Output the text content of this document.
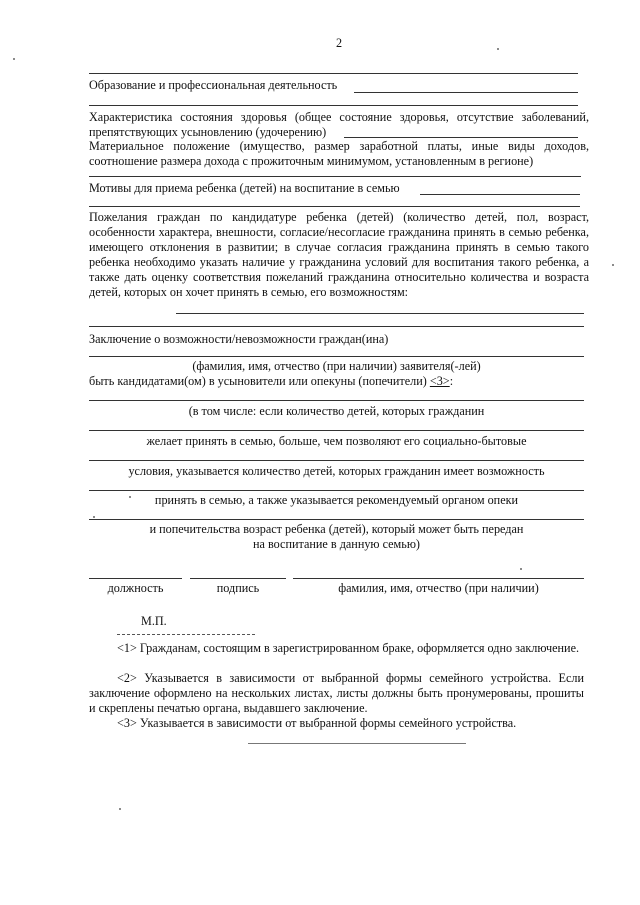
2
Образование и профессиональная деятельность
Характеристика состояния здоровья (общее состояние здоровья, отсутствие заболеваний, препятствующих усыновлению (удочерению)
Материальное положение (имущество, размер заработной платы, иные виды доходов, соотношение размера дохода с прожиточным минимумом, установленным в регионе)
Мотивы для приема ребенка (детей) на воспитание в семью
Пожелания граждан по кандидатуре ребенка (детей) (количество детей, пол, возраст, особенности характера, внешности, согласие/несогласие гражданина принять в семью ребенка, имеющего отклонения в развитии; в случае согласия гражданина принять в семью такого ребенка необходимо указать наличие у гражданина условий для воспитания такого ребенка, а также дать оценку соответствия пожеланий гражданина относительно количества и возраста детей, которых он хочет принять в семью, его возможностям:
Заключение о возможности/невозможности граждан(ина)
(фамилия, имя, отчество (при наличии) заявителя(-лей)
быть кандидатами(ом) в усыновители или опекуны (попечители) <3>:
(в том числе: если количество детей, которых гражданин
желает принять в семью, больше, чем позволяют его социально-бытовые
условия, указывается количество детей, которых гражданин имеет возможность
принять в семью, а также указывается рекомендуемый органом опеки
и попечительства возраст ребенка (детей), который может быть передан
на воспитание в данную семью)
должность	подпись	фамилия, имя, отчество (при наличии)
М.П.
<1> Гражданам, состоящим в зарегистрированном браке, оформляется одно заключение.
<2> Указывается в зависимости от выбранной формы семейного устройства. Если заключение оформлено на нескольких листах, листы должны быть пронумерованы, прошиты и скреплены печатью органа, выдавшего заключение.
<3> Указывается в зависимости от выбранной формы семейного устройства.
